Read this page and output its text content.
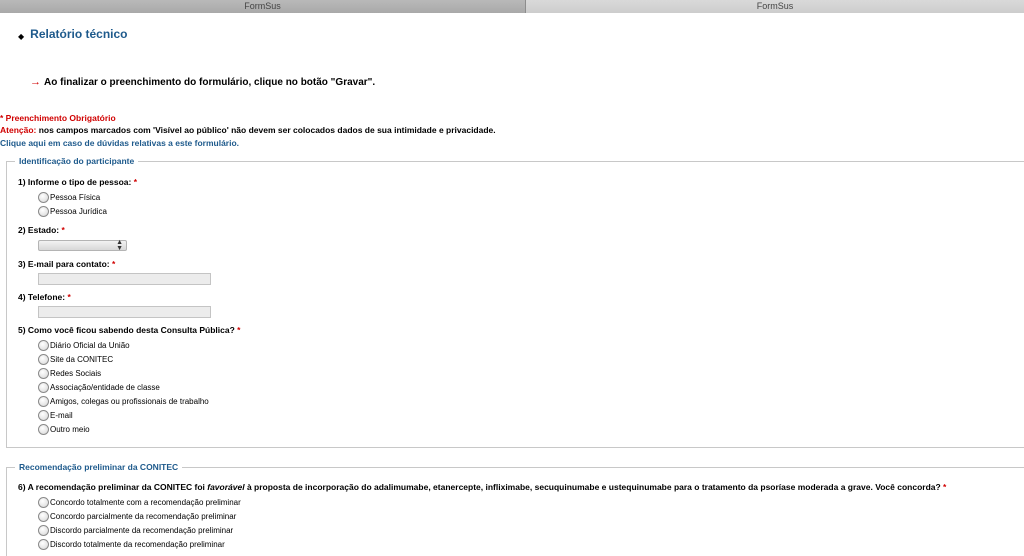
FormSus	FormSus
◆ Relatório técnico
→ Ao finalizar o preenchimento do formulário, clique no botão "Gravar".
* Preenchimento Obrigatório
Atenção: nos campos marcados com 'Visível ao público' não devem ser colocados dados de sua intimidade e privacidade.
Clique aqui em caso de dúvidas relativas a este formulário.
Identificação do participante
1) Informe o tipo de pessoa: *
Pessoa Física
Pessoa Jurídica
2) Estado: *
▲
▼
3) E-mail para contato: *
4) Telefone: *
5) Como você ficou sabendo desta Consulta Pública? *
Diário Oficial da União
Site da CONITEC
Redes Sociais
Associação/entidade de classe
Amigos, colegas ou profissionais de trabalho
E-mail
Outro meio
Recomendação preliminar da CONITEC
6) A recomendação preliminar da CONITEC foi favorável à proposta de incorporação do adalimumabe, etanercepte, infliximabe, secuquinumabe e ustequinumabe para o tratamento da psoríase moderada a grave. Você concorda? *
Concordo totalmente com a recomendação preliminar
Concordo parcialmente da recomendação preliminar
Discordo parcialmente da recomendação preliminar
Discordo totalmente da recomendação preliminar
